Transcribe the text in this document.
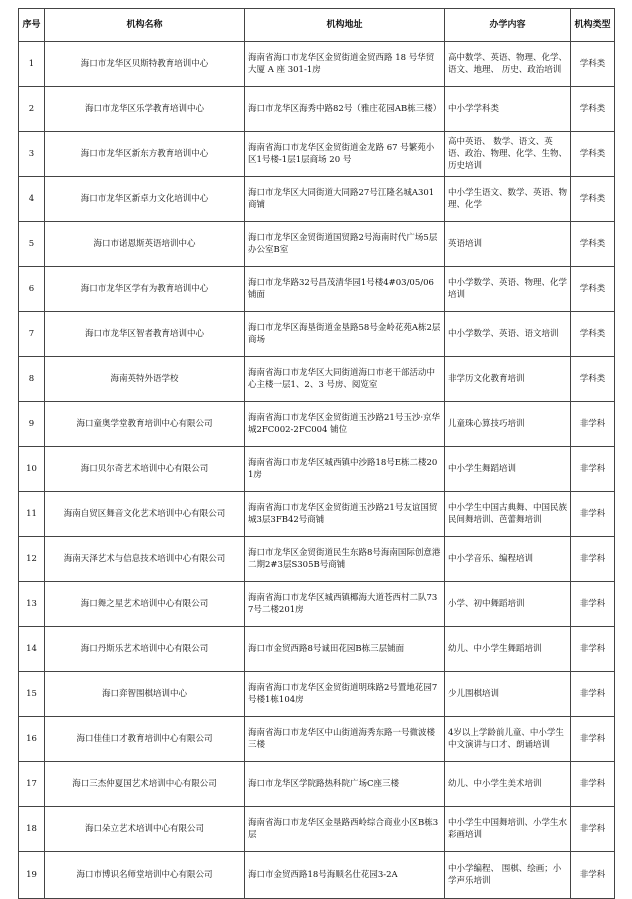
序号	机构名称	机构地址	办学内容	机构类型
1	海口市龙华区贝斯特教育培训中心	海南省海口市龙华区金贸街道金贸西路 18 号华贸大厦 A 座 301-1房	高中数学、英语、物理、化学、语文、地理、 历史、政治培训	学科类
2	海口市龙华区乐学教育培训中心	海口市龙华区海秀中路82号（雅庄花园AB栋三楼）	中小学学科类	学科类
3	海口市龙华区新东方教育培训中心	海南省海口市龙华区金贸街道金龙路 67 号繁苑小区1号楼-1层1层商场 20 号	高中英语、 数学、语文、英语、政治、物理、化学、生物、历史培训	学科类
4	海口市龙华区新卓力文化培训中心	海口市龙华区大同街道大同路27号江隆名城A301商铺	中小学生语文、数学、英语、物理、化学	学科类
5	海口市诺恩斯英语培训中心	海口市龙华区金贸街道国贸路2号海南时代广场5层办公室B室	英语培训	学科类
6	海口市龙华区学有为教育培训中心	海口市龙华路32号昌茂清华园1号楼4#03/05/06铺面	中小学数学、英语、物理、化学培训	学科类
7	海口市龙华区智者教育培训中心	海口市龙华区海垦街道金垦路58号金岭花苑A栋2层商场	中小学数学、英语、语文培训	学科类
8	海南英特外语学校	海南省海口市龙华区大同街道海口市老干部活动中心主楼一层1、2、3 号房、阅览室	非学历文化教育培训	学科类
9	海口童奥学堂教育培训中心有限公司	海南省海口市龙华区金贸街道玉沙路21号玉沙·京华城2FC002-2FC004 铺位	儿童珠心算技巧培训	非学科
10	海口贝尔奇艺术培训中心有限公司	海南省海口市龙华区城西镇中沙路18号E栋二楼201房	中小学生舞蹈培训	非学科
11	海南自贸区舞音文化艺术培训中心有限公司	海南省海口市龙华区金贸街道玉沙路21号友谊国贸城3层3FB42号商铺	中小学生中国古典舞、中国民族民间舞培训、芭蕾舞培训	非学科
12	海南天泽艺术与信息技术培训中心有限公司	海口市龙华区金贸街道民生东路8号海南国际创意港二期2#3层S305B号商铺	中小学音乐、编程培训	非学科
13	海口舞之星艺术培训中心有限公司	海南省海口市龙华区城西镇椰海大道苍西村二队737号二楼201房	小学、初中舞蹈培训	非学科
14	海口丹斯乐艺术培训中心有限公司	海口市金贸西路8号诚田花园B栋三层铺面	幼儿、中小学生舞蹈培训	非学科
15	海口弈智围棋培训中心	海南省海口市龙华区金贸街道明珠路2号置地花园7号楼1栋104房	少儿围棋培训	非学科
16	海口佳佳口才教育培训中心有限公司	海南省海口市龙华区中山街道海秀东路一号微波楼三楼	4岁以上学龄前儿童、中小学生中文演讲与口才、朗诵培训	非学科
17	海口三杰仲夏国艺术培训中心有限公司	海口市龙华区学院路热科院广场C座三楼	幼儿、中小学生美术培训	非学科
18	海口朵立艺术培训中心有限公司	海南省海口市龙华区金垦路西岭综合商业小区B栋3层	中小学生中国舞培训、小学生水彩画培训	非学科
19	海口市博识名师堂培训中心有限公司	海口市金贸西路18号海顺名仕花园3-2A	中小学编程、 围棋、绘画；小学声乐培训	非学科
